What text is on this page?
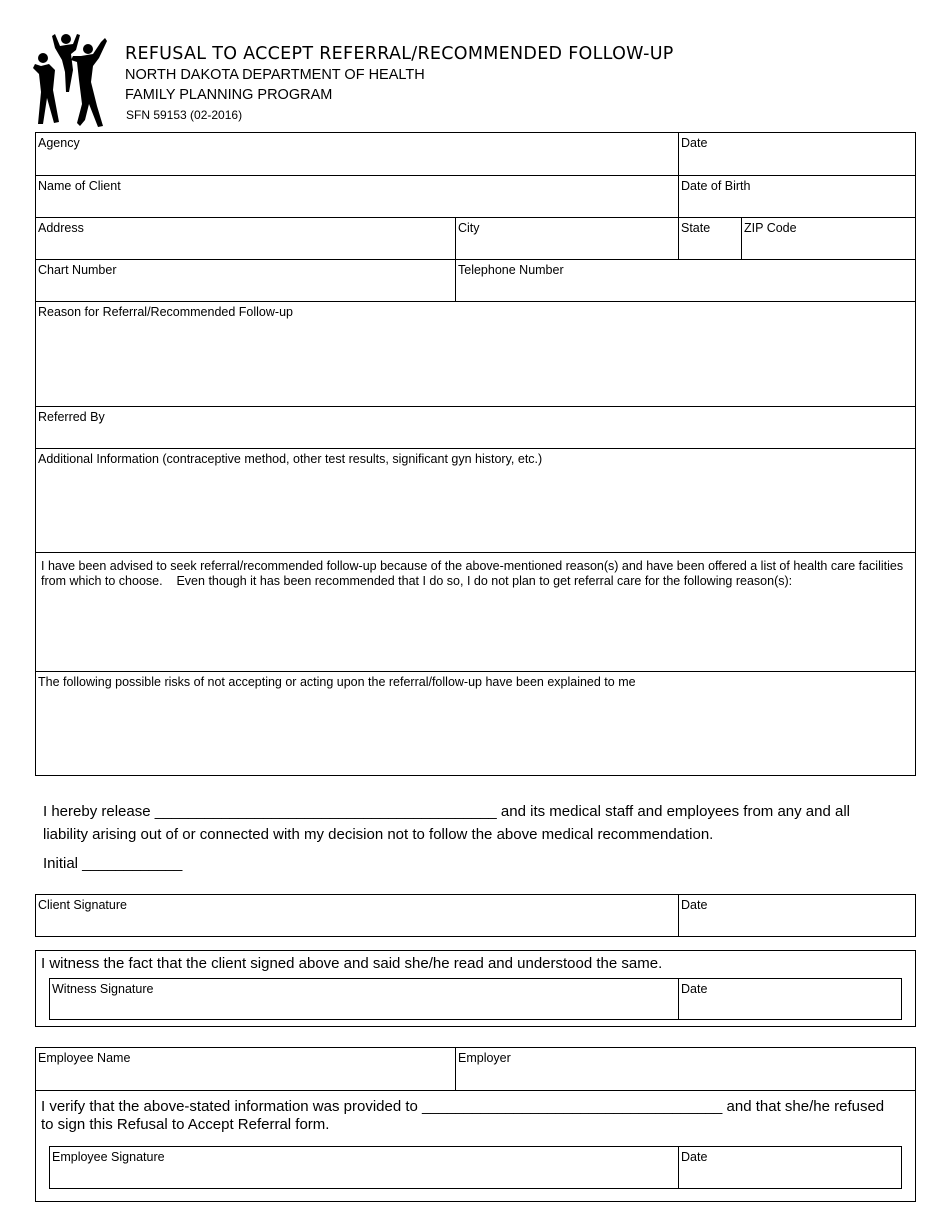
REFUSAL TO ACCEPT REFERRAL/RECOMMENDED FOLLOW-UP
NORTH DAKOTA DEPARTMENT OF HEALTH
FAMILY PLANNING PROGRAM
SFN 59153 (02-2016)
Agency	Date
Name of Client	Date of Birth
Address	City	State	ZIP Code
Chart Number	Telephone Number
Reason for Referral/Recommended Follow-up
Referred By
Additional Information (contraceptive method, other test results, significant gyn history, etc.)
I have been advised to seek referral/recommended follow-up because of the above-mentioned reason(s) and have been offered a list of health care facilities from which to choose.    Even though it has been recommended that I do so, I do not plan to get referral care for the following reason(s):
The following possible risks of not accepting or acting upon the referral/follow-up have been explained to me
I hereby release _________________________________________ and its medical staff and employees from any and all
liability arising out of or connected with my decision not to follow the above medical recommendation.
Initial ____________
Client Signature	Date
I witness the fact that the client signed above and said she/he read and understood the same.
Witness Signature	Date
Employee Name	Employer
I verify that the above-stated information was provided to ____________________________________ and that she/he refused
to sign this Refusal to Accept Referral form.
Employee Signature	Date
